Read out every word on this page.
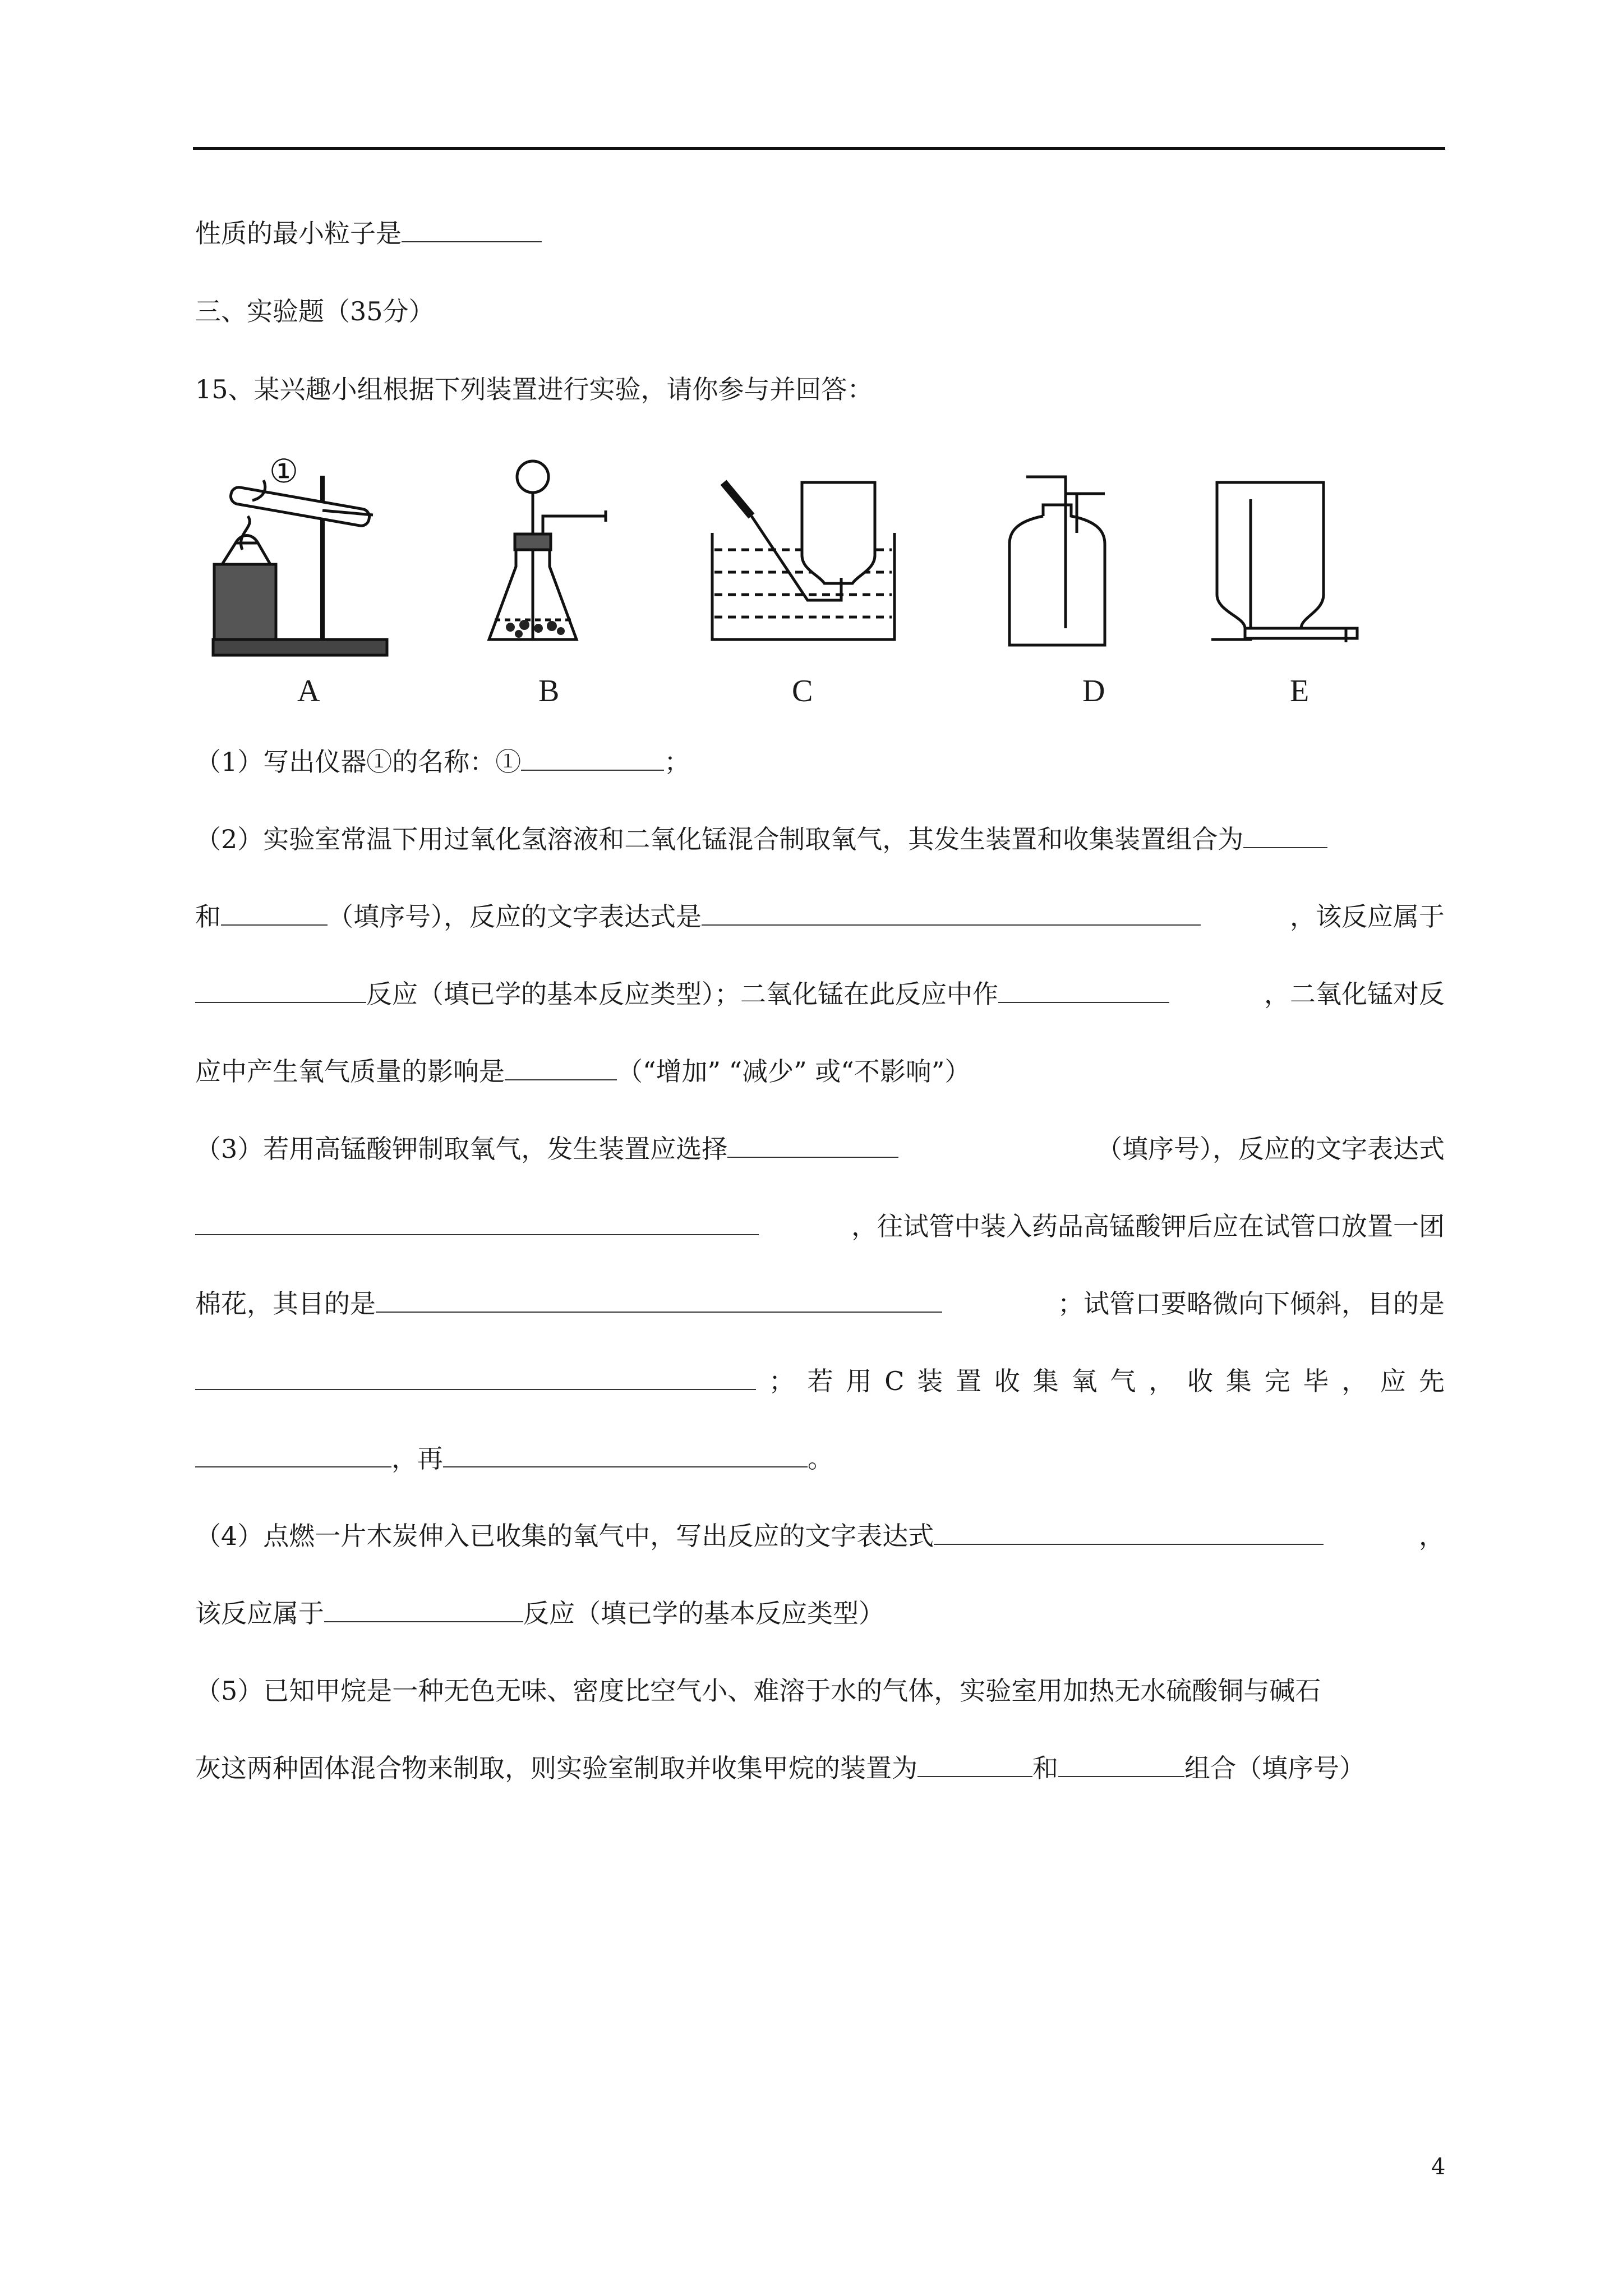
性质的最小粒子是
三、实验题（35分）
15、某兴趣小组根据下列装置进行实验，请你参与并回答：
①
A	B	C	D	E
（1）写出仪器①的名称：①	；
（2）实验室常温下用过氧化氢溶液和二氧化锰混合制取氧气，其发生装置和收集装置组合为
和	（填序号），反应的文字表达式是	，该反应属于
反应（填已学的基本反应类型）；二氧化锰在此反应中作	，二氧化锰对反
应中产生氧气质量的影响是	（“增加” “减少” 或“不影响”）
（3）若用高锰酸钾制取氧气，发生装置应选择	（填序号），反应的文字表达式
，往试管中装入药品高锰酸钾后应在试管口放置一团
棉花，其目的是	；试管口要略微向下倾斜，目的是
； 若 用 C 装 置 收 集 氧 气 ， 收 集 完 毕 ， 应 先
，再	。
（4）点燃一片木炭伸入已收集的氧气中，写出反应的文字表达式	，
该反应属于	反应（填已学的基本反应类型）
（5）已知甲烷是一种无色无味、密度比空气小、难溶于水的气体，实验室用加热无水硫酸铜与碱石
灰这两种固体混合物来制取，则实验室制取并收集甲烷的装置为	和	组合（填序号）
4
